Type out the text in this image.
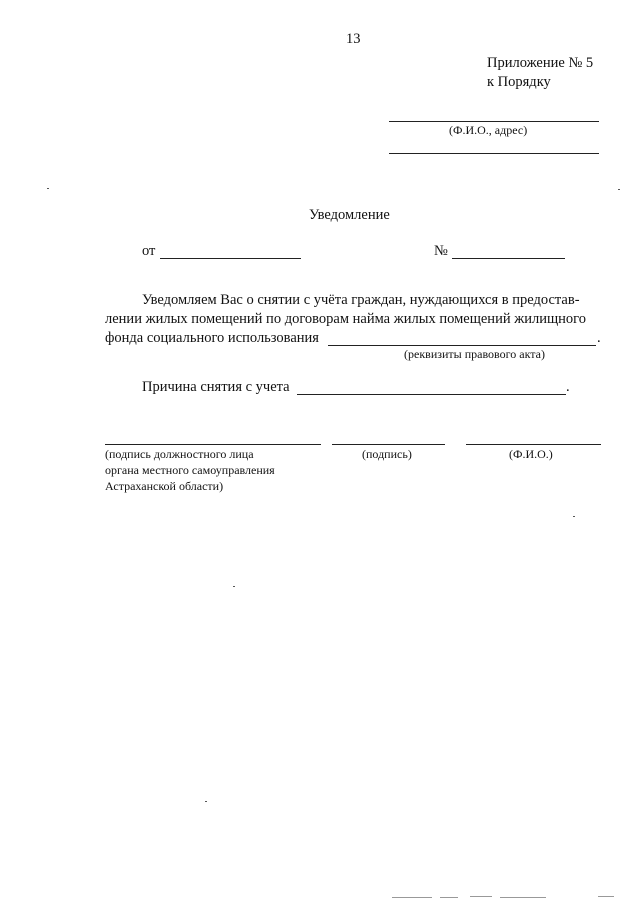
13
Приложение № 5
к Порядку
(Ф.И.О., адрес)
Уведомление
от	№
Уведомляем Вас о снятии с учёта граждан, нуждающихся в предостав-
лении жилых помещений по договорам найма жилых помещений жилищного
фонда социального использования	.
(реквизиты правового акта)
Причина снятия с учета	.
(подпись должностного лица
органа местного самоуправления
Астраханской области)
(подпись)	(Ф.И.О.)
